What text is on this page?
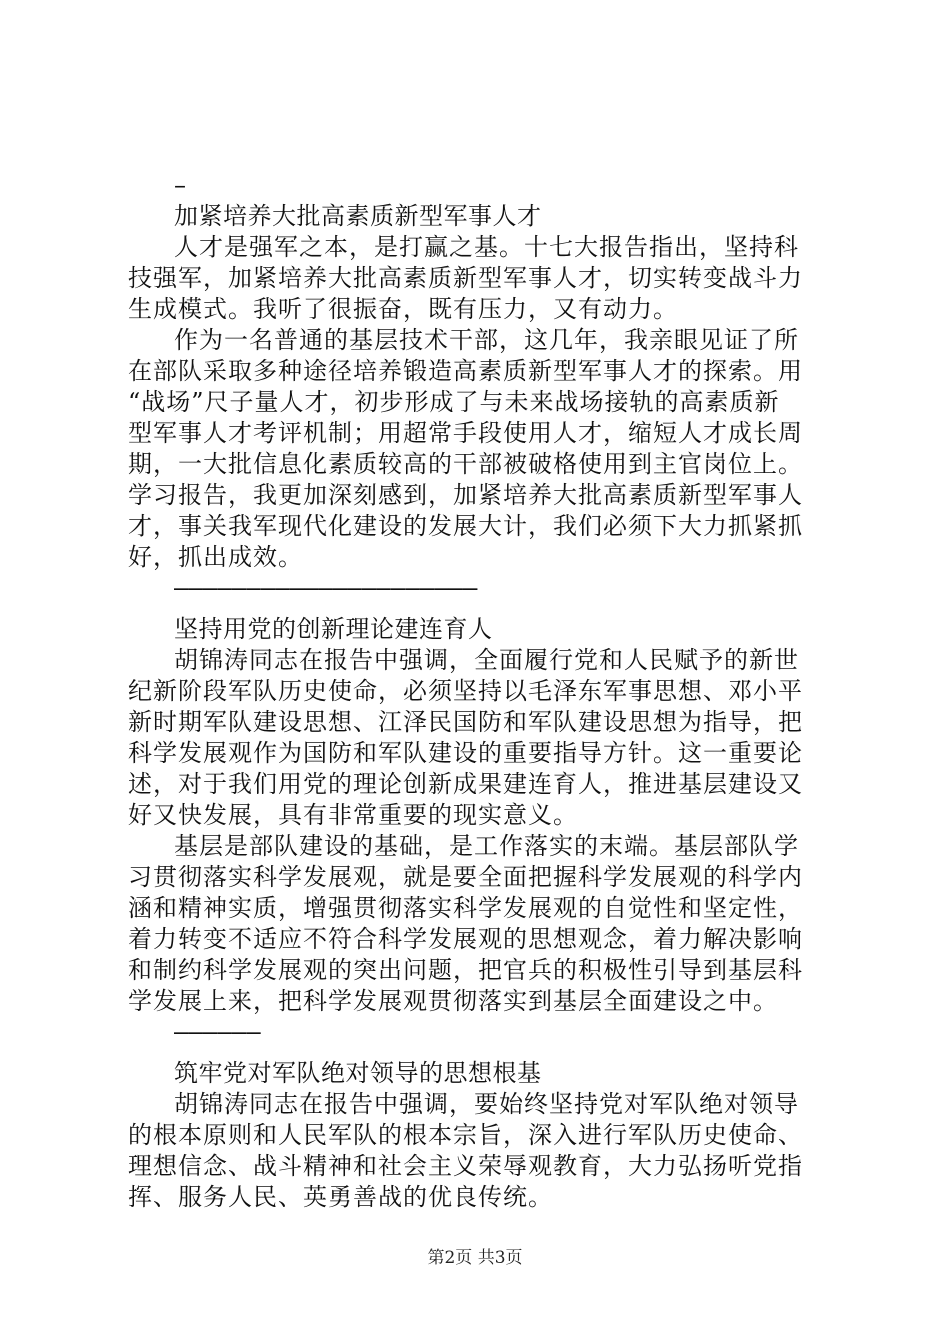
–
加紧培养大批高素质新型军事人才
人才是强军之本，是打赢之基。十七大报告指出，坚持科
技强军，加紧培养大批高素质新型军事人才，切实转变战斗力
生成模式。我听了很振奋，既有压力，又有动力。
作为一名普通的基层技术干部，这几年，我亲眼见证了所
在部队采取多种途径培养锻造高素质新型军事人才的探索。用
“战场”尺子量人才，初步形成了与未来战场接轨的高素质新
型军事人才考评机制；用超常手段使用人才，缩短人才成长周
期，一大批信息化素质较高的干部被破格使用到主官岗位上。
学习报告，我更加深刻感到，加紧培养大批高素质新型军事人
才，事关我军现代化建设的发展大计，我们必须下大力抓紧抓
好，抓出成效。
—————————————————————
坚持用党的创新理论建连育人
胡锦涛同志在报告中强调，全面履行党和人民赋予的新世
纪新阶段军队历史使命，必须坚持以毛泽东军事思想、邓小平
新时期军队建设思想、江泽民国防和军队建设思想为指导，把
科学发展观作为国防和军队建设的重要指导方针。这一重要论
述，对于我们用党的理论创新成果建连育人，推进基层建设又
好又快发展，具有非常重要的现实意义。
基层是部队建设的基础，是工作落实的末端。基层部队学
习贯彻落实科学发展观，就是要全面把握科学发展观的科学内
涵和精神实质，增强贯彻落实科学发展观的自觉性和坚定性，
着力转变不适应不符合科学发展观的思想观念，着力解决影响
和制约科学发展观的突出问题，把官兵的积极性引导到基层科
学发展上来，把科学发展观贯彻落实到基层全面建设之中。
——————
筑牢党对军队绝对领导的思想根基
胡锦涛同志在报告中强调，要始终坚持党对军队绝对领导
的根本原则和人民军队的根本宗旨，深入进行军队历史使命、
理想信念、战斗精神和社会主义荣辱观教育，大力弘扬听党指
挥、服务人民、英勇善战的优良传统。
第2页 共3页
